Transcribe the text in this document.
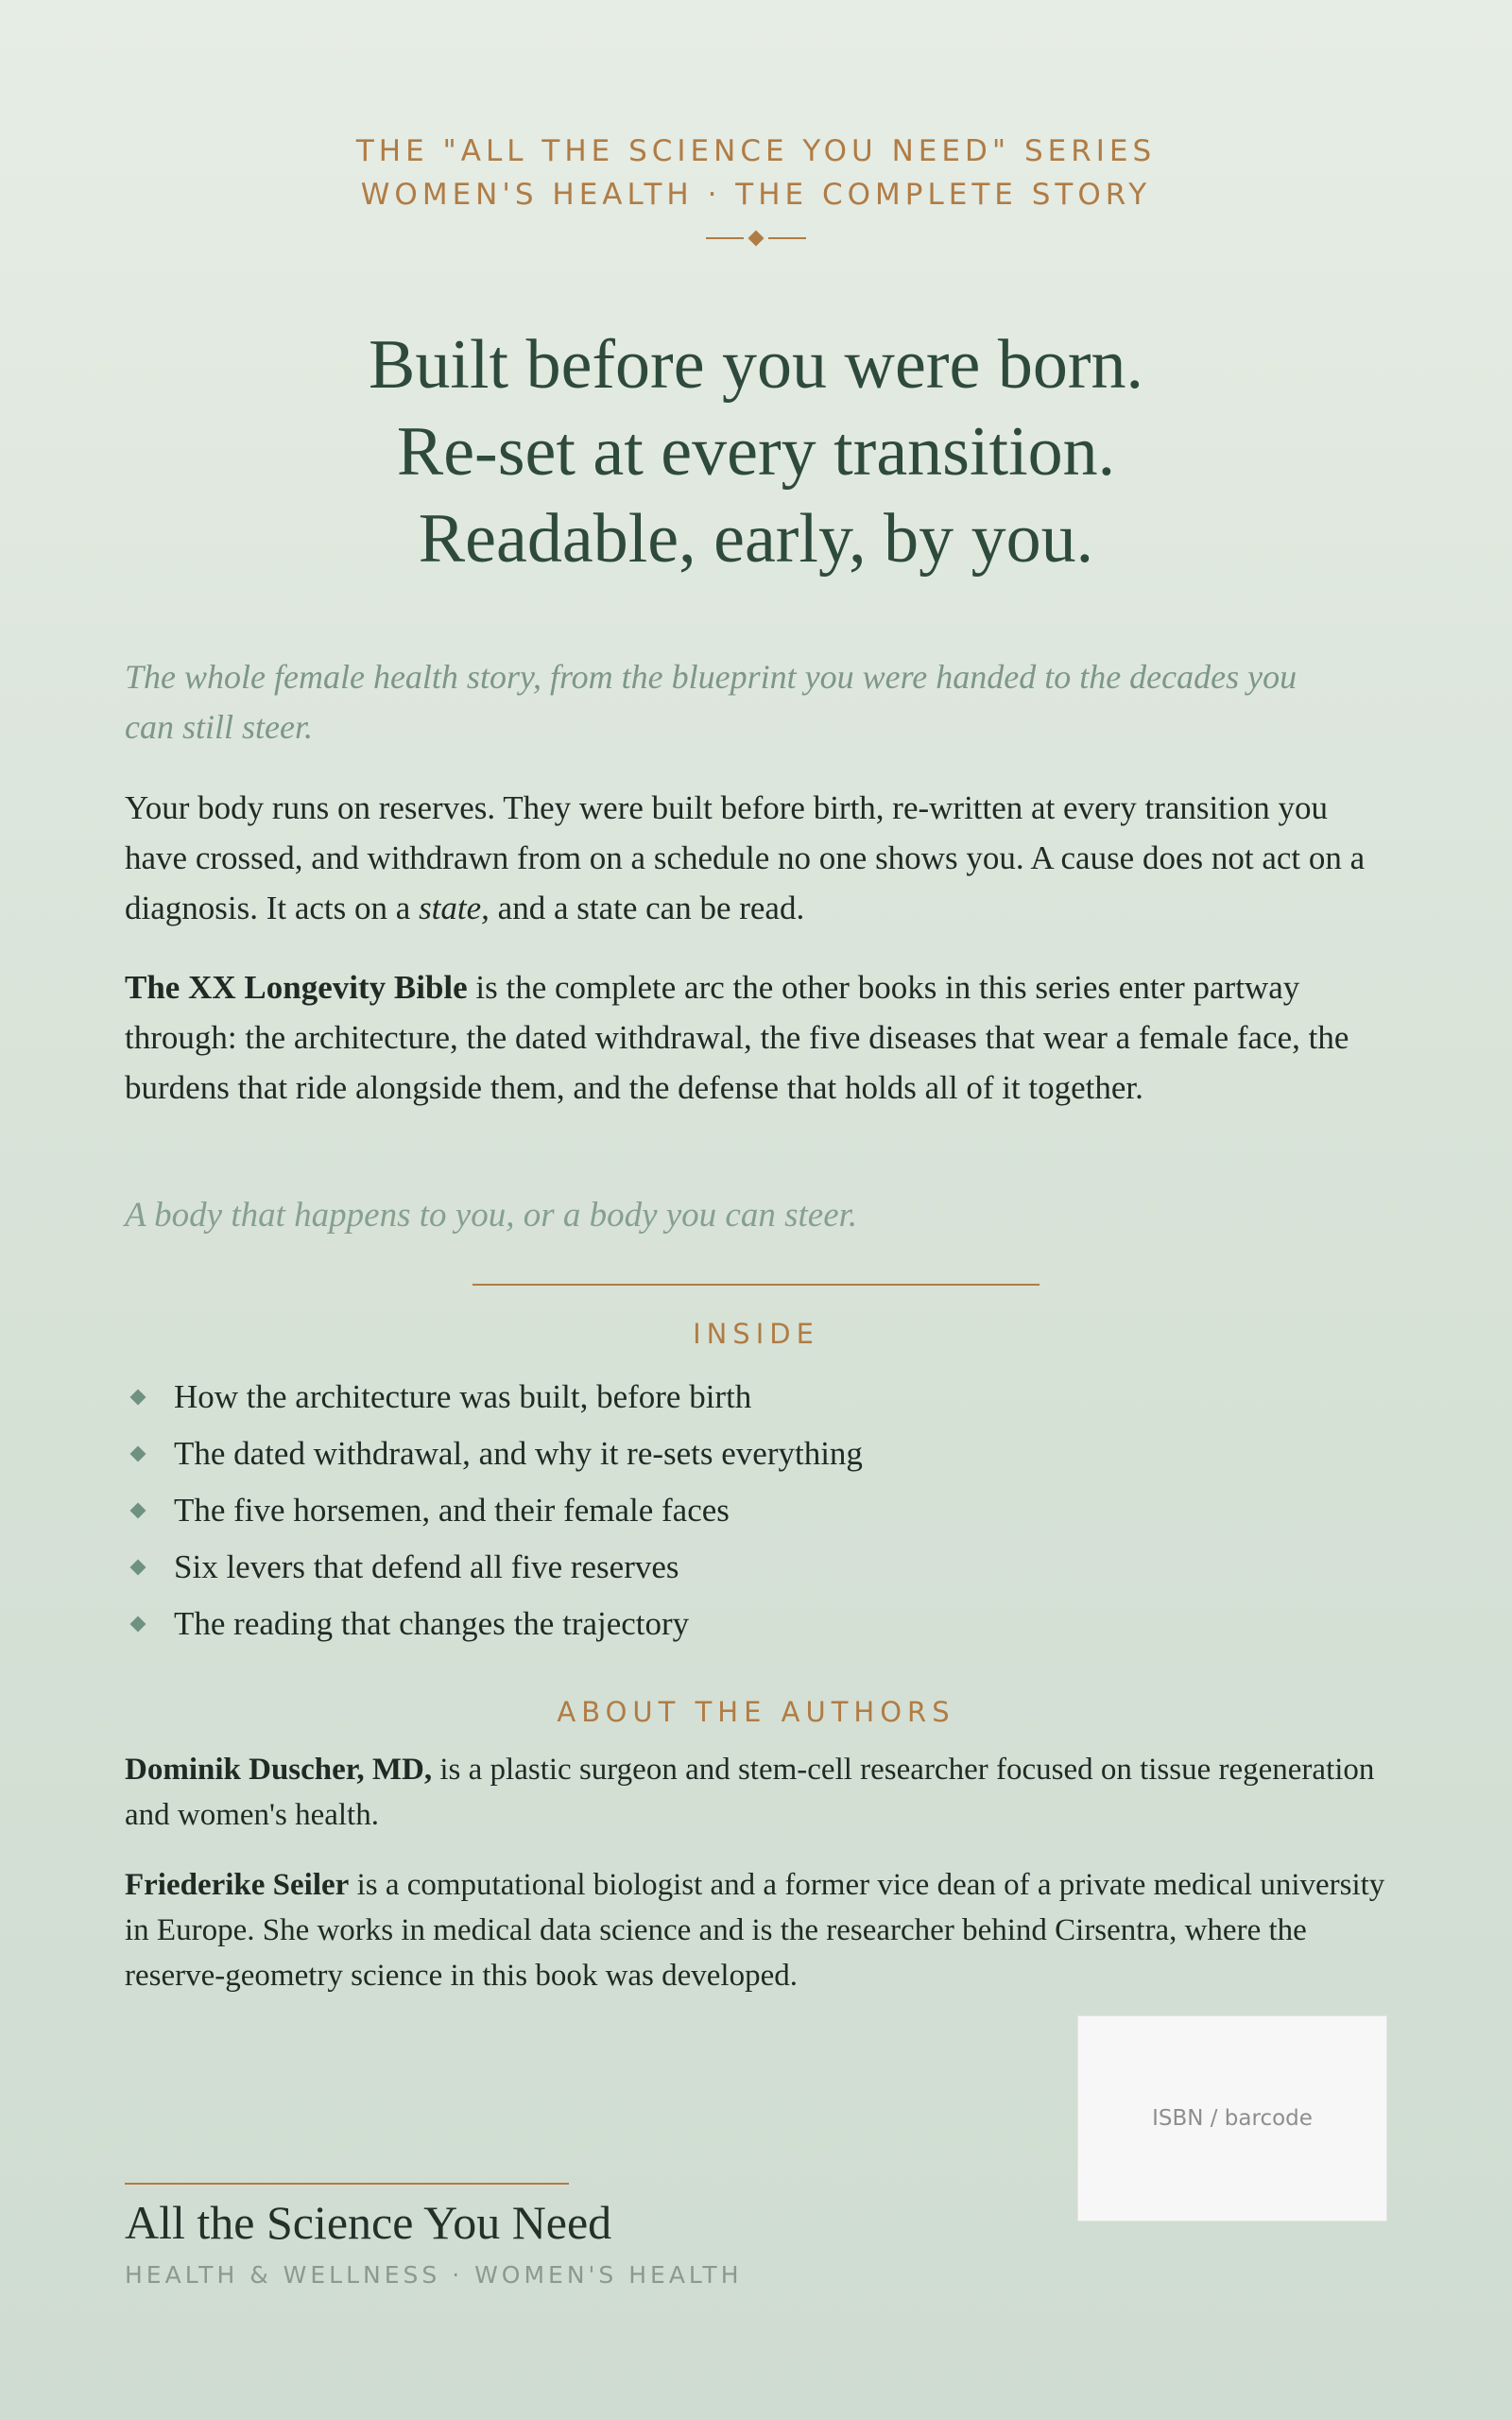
THE "ALL THE SCIENCE YOU NEED" SERIES
WOMEN'S HEALTH · THE COMPLETE STORY
Built before you were born.
Re-set at every transition.
Readable, early, by you.
The whole female health story, from the blueprint you were handed to the decades you can still steer.
Your body runs on reserves. They were built before birth, re-written at every transition you have crossed, and withdrawn from on a schedule no one shows you. A cause does not act on a diagnosis. It acts on a state, and a state can be read.
The XX Longevity Bible is the complete arc the other books in this series enter partway through: the architecture, the dated withdrawal, the five diseases that wear a female face, the burdens that ride alongside them, and the defense that holds all of it together.
A body that happens to you, or a body you can steer.
INSIDE
How the architecture was built, before birth
The dated withdrawal, and why it re-sets everything
The five horsemen, and their female faces
Six levers that defend all five reserves
The reading that changes the trajectory
ABOUT THE AUTHORS
Dominik Duscher, MD, is a plastic surgeon and stem-cell researcher focused on tissue regeneration and women's health.
Friederike Seiler is a computational biologist and a former vice dean of a private medical university in Europe. She works in medical data science and is the researcher behind Cirsentra, where the reserve-geometry science in this book was developed.
ISBN / barcode
All the Science You Need
HEALTH & WELLNESS · WOMEN'S HEALTH
